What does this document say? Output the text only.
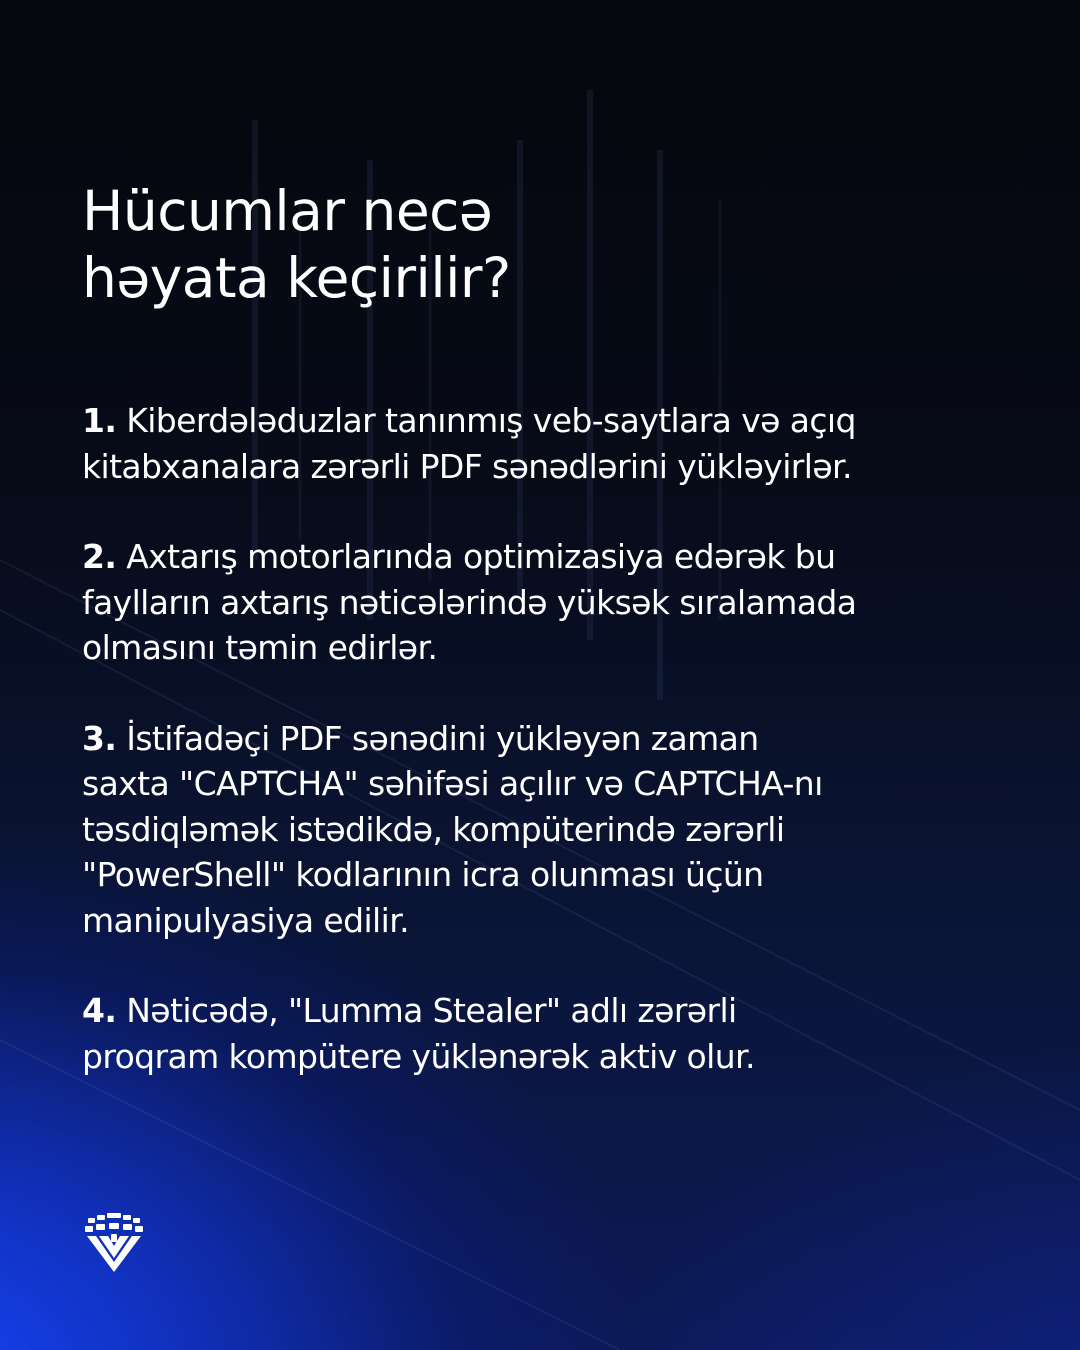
Hücumlar necə
həyata keçirilir?

1. Kiberdələduzlar tanınmış veb-saytlara və açıq
kitabxanalara zərərli PDF sənədlərini yükləyirlər.

2. Axtarış motorlarında optimizasiya edərək bu
faylların axtarış nəticələrində yüksək sıralamada
olmasını təmin edirlər.

3. İstifadəçi PDF sənədini yükləyən zaman
saxta "CAPTCHA" səhifəsi açılır və CAPTCHA-nı
təsdiqləmək istədikdə, kompüterində zərərli
"PowerShell" kodlarının icra olunması üçün
manipulyasiya edilir.

4. Nəticədə, "Lumma Stealer" adlı zərərli
proqram kompütere yüklənərək aktiv olur.
